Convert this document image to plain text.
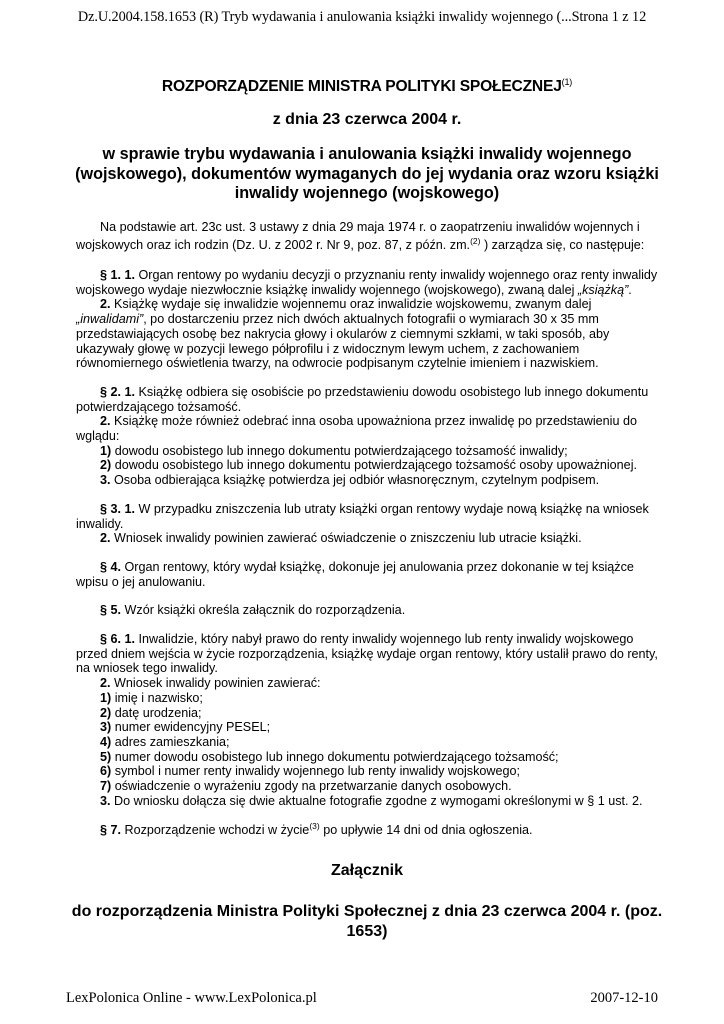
Dz.U.2004.158.1653 (R) Tryb wydawania i anulowania książki inwalidy wojennego (...Strona 1 z 12
ROZPORZĄDZENIE MINISTRA POLITYKI SPOŁECZNEJ$^{(1)}$
z dnia 23 czerwca 2004 r.
w sprawie trybu wydawania i anulowania książki inwalidy wojennego (wojskowego), dokumentów wymaganych do jej wydania oraz wzoru książki inwalidy wojennego (wojskowego)

Na podstawie art. 23c ust. 3 ustawy z dnia 29 maja 1974 r. o zaopatrzeniu inwalidów wojennych i wojskowych oraz ich rodzin (Dz. U. z 2002 r. Nr 9, poz. 87, z późn. zm.$^{(2)}$ ) zarządza się, co następuje:

§ 1. 1. Organ rentowy po wydaniu decyzji o przyznaniu renty inwalidy wojennego oraz renty inwalidy wojskowego wydaje niezwłocznie książkę inwalidy wojennego (wojskowego), zwaną dalej „książką”.

2. Książkę wydaje się inwalidzie wojennemu oraz inwalidzie wojskowemu, zwanym dalej „inwalidami”, po dostarczeniu przez nich dwóch aktualnych fotografii o wymiarach 30 x 35 mm przedstawiających osobę bez nakrycia głowy i okularów z ciemnymi szkłami, w taki sposób, aby ukazywały głowę w pozycji lewego półprofilu i z widocznym lewym uchem, z zachowaniem równomiernego oświetlenia twarzy, na odwrocie podpisanym czytelnie imieniem i nazwiskiem.

§ 2. 1. Książkę odbiera się osobiście po przedstawieniu dowodu osobistego lub innego dokumentu potwierdzającego tożsamość.

2. Książkę może również odebrać inna osoba upoważniona przez inwalidę po przedstawieniu do wglądu:

1) dowodu osobistego lub innego dokumentu potwierdzającego tożsamość inwalidy;

2) dowodu osobistego lub innego dokumentu potwierdzającego tożsamość osoby upoważnionej.

3. Osoba odbierająca książkę potwierdza jej odbiór własnoręcznym, czytelnym podpisem.

§ 3. 1. W przypadku zniszczenia lub utraty książki organ rentowy wydaje nową książkę na wniosek inwalidy.

2. Wniosek inwalidy powinien zawierać oświadczenie o zniszczeniu lub utracie książki.

§ 4. Organ rentowy, który wydał książkę, dokonuje jej anulowania przez dokonanie w tej książce wpisu o jej anulowaniu.

§ 5. Wzór książki określa załącznik do rozporządzenia.

§ 6. 1. Inwalidzie, który nabył prawo do renty inwalidy wojennego lub renty inwalidy wojskowego przed dniem wejścia w życie rozporządzenia, książkę wydaje organ rentowy, który ustalił prawo do renty, na wniosek tego inwalidy.

2. Wniosek inwalidy powinien zawierać:

1) imię i nazwisko;

2) datę urodzenia;

3) numer ewidencyjny PESEL;

4) adres zamieszkania;

5) numer dowodu osobistego lub innego dokumentu potwierdzającego tożsamość;

6) symbol i numer renty inwalidy wojennego lub renty inwalidy wojskowego;

7) oświadczenie o wyrażeniu zgody na przetwarzanie danych osobowych.

3. Do wniosku dołącza się dwie aktualne fotografie zgodne z wymogami określonymi w § 1 ust. 2.

§ 7. Rozporządzenie wchodzi w życie$^{(3)}$ po upływie 14 dni od dnia ogłoszenia.

Załącznik
do rozporządzenia Ministra Polityki Społecznej z dnia 23 czerwca 2004 r. (poz. 1653)
LexPolonica Online - www.LexPolonica.pl	2007-12-10
